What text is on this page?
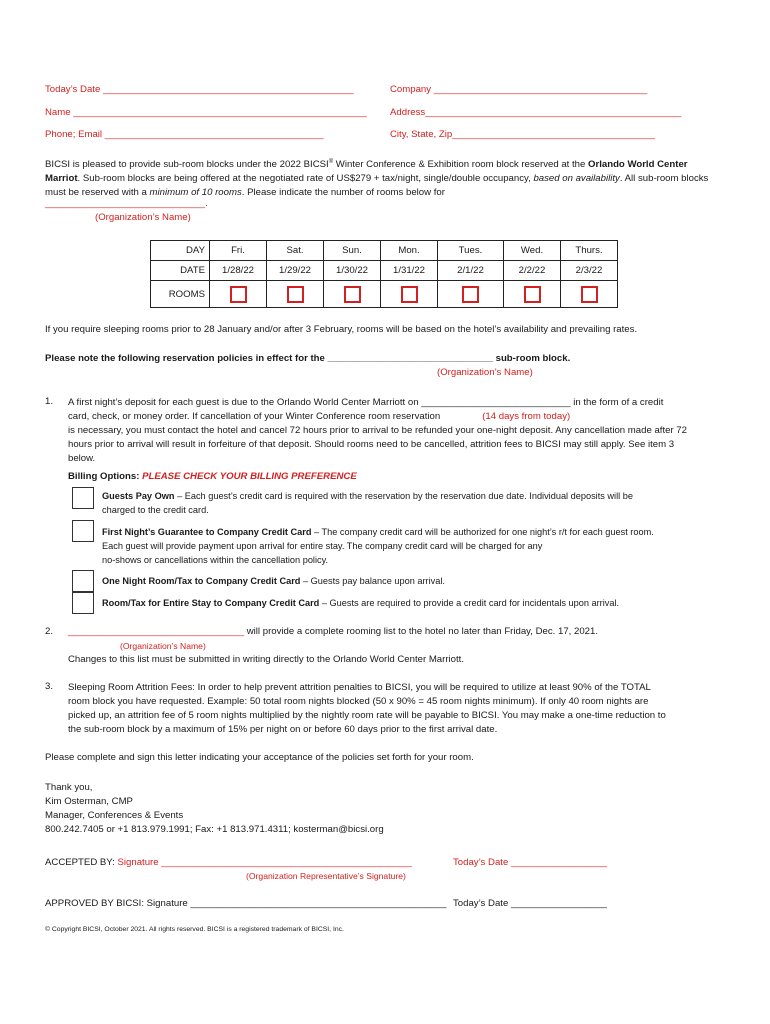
Today’s Date _______________________________________________
Name _______________________________________________________
Phone; Email _________________________________________
Company ________________________________________
Address________________________________________________
City, State, Zip______________________________________
BICSI is pleased to provide sub-room blocks under the 2022 BICSI® Winter Conference & Exhibition room block reserved at the Orlando World Center Marriot. Sub-room blocks are being offered at the negotiated rate of US$279 + tax/night, single/double occupancy, based on availability. All sub-room blocks must be reserved with a minimum of 10 rooms. Please indicate the number of rooms below for
______________________________.
(Organization’s Name)
DAY	Fri.	Sat.	Sun.	Mon.	Tues.	Wed.	Thurs.
DATE	1/28/22	1/29/22	1/30/22	1/31/22	2/1/22	2/2/22	2/3/22
ROOMS							
If you require sleeping rooms prior to 28 January and/or after 3 February, rooms will be based on the hotel’s availability and prevailing rates.
Please note the following reservation policies in effect for the _______________________________ sub-room block.
(Organization’s Name)
1. A first night’s deposit for each guest is due to the Orlando World Center Marriott on ____________________________ in the form of a credit
card, check, or money order. If cancellation of your Winter Conference room reservation	(14 days from today)
is necessary, you must contact the hotel and cancel 72 hours prior to arrival to be refunded your one-night deposit. Any cancellation made after 72
hours prior to arrival will result in forfeiture of that deposit. Should rooms need to be cancelled, attrition fees to BICSI may still apply. See item 3
below.
Billing Options: PLEASE CHECK YOUR BILLING PREFERENCE
Guests Pay Own – Each guest’s credit card is required with the reservation by the reservation due date. Individual deposits will be
charged to the credit card.
First Night’s Guarantee to Company Credit Card – The company credit card will be authorized for one night’s r/t for each guest room.
Each guest will provide payment upon arrival for entire stay. The company credit card will be charged for any
no-shows or cancellations within the cancellation policy.
One Night Room/Tax to Company Credit Card – Guests pay balance upon arrival.
Room/Tax for Entire Stay to Company Credit Card – Guests are required to provide a credit card for incidentals upon arrival.
2. _________________________________ will provide a complete rooming list to the hotel no later than Friday, Dec. 17, 2021.
(Organization’s Name)
Changes to this list must be submitted in writing directly to the Orlando World Center Marriott.
3. Sleeping Room Attrition Fees: In order to help prevent attrition penalties to BICSI, you will be required to utilize at least 90% of the TOTAL
room block you have requested. Example: 50 total room nights blocked (50 x 90% = 45 room nights minimum). If only 40 room nights are
picked up, an attrition fee of 5 room nights multiplied by the nightly room rate will be payable to BICSI. You may make a one-time reduction to
the sub-room block by a maximum of 15% per night on or before 60 days prior to the first arrival date.
Please complete and sign this letter indicating your acceptance of the policies set forth for your room.
Thank you,
Kim Osterman, CMP
Manager, Conferences & Events
800.242.7405 or +1 813.979.1991; Fax: +1 813.971.4311; kosterman@bicsi.org
ACCEPTED BY: Signature _______________________________________________	Today’s Date __________________
(Organization Representative’s Signature)
APPROVED BY BICSI: Signature ________________________________________________ Today’s Date __________________
© Copyright BICSI, October 2021. All rights reserved. BICSI is a registered trademark of BICSI, Inc.
